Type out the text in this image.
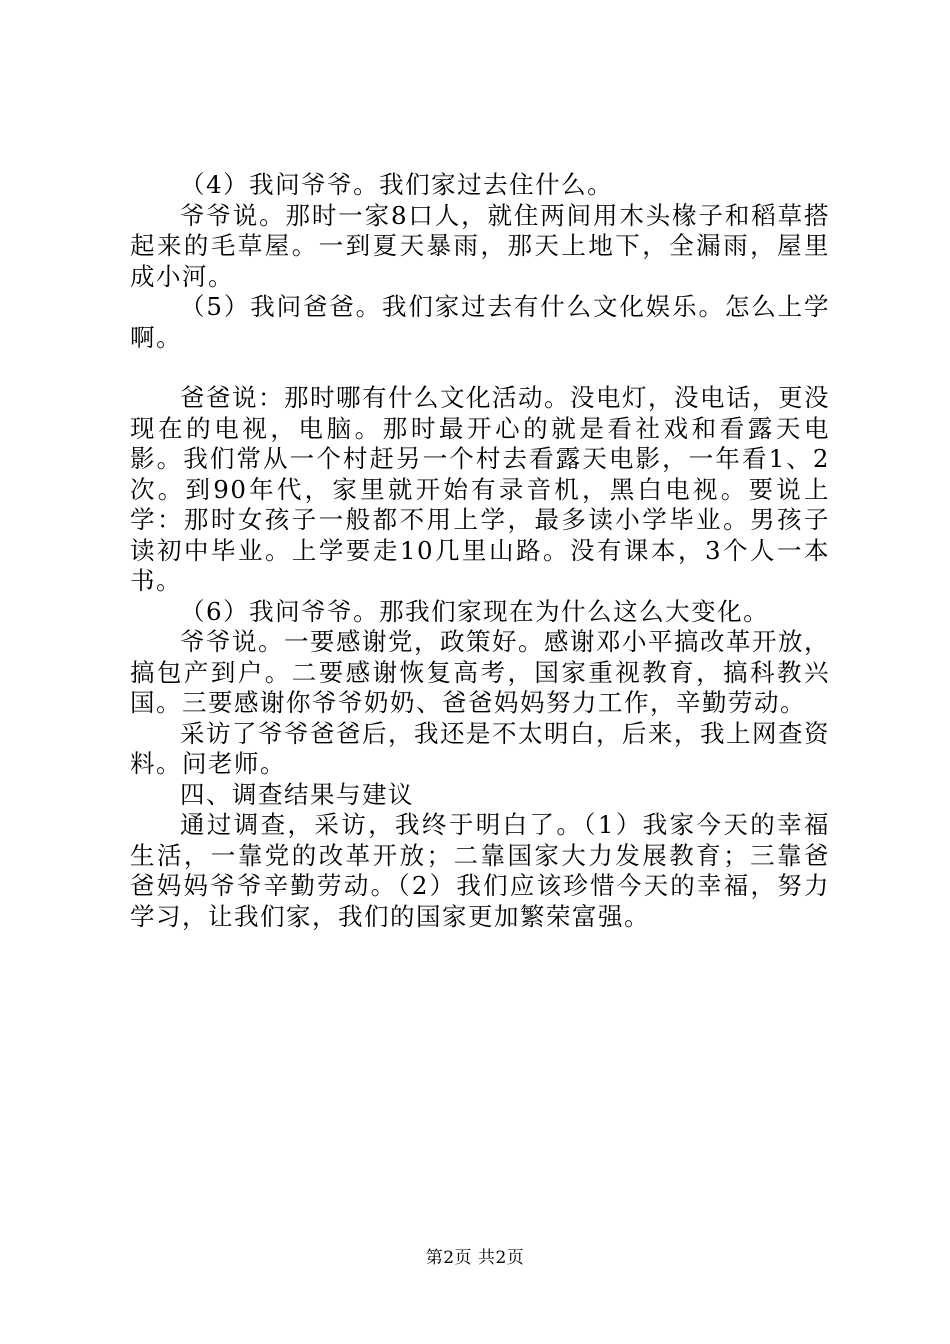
（4）我问爷爷。我们家过去住什么。

爷爷说。那时一家8口人，就住两间用木头椽子和稻草搭起来的毛草屋。一到夏天暴雨，那天上地下，全漏雨，屋里成小河。

（5）我问爸爸。我们家过去有什么文化娱乐。怎么上学啊。

爸爸说：那时哪有什么文化活动。没电灯，没电话，更没现在的电视，电脑。那时最开心的就是看社戏和看露天电影。我们常从一个村赶另一个村去看露天电影，一年看1、2次。到90年代，家里就开始有录音机，黑白电视。要说上学：那时女孩子一般都不用上学，最多读小学毕业。男孩子读初中毕业。上学要走10几里山路。没有课本，3个人一本书。

（6）我问爷爷。那我们家现在为什么这么大变化。

爷爷说。一要感谢党，政策好。感谢邓小平搞改革开放，搞包产到户。二要感谢恢复高考，国家重视教育，搞科教兴国。三要感谢你爷爷奶奶、爸爸妈妈努力工作，辛勤劳动。

采访了爷爷爸爸后，我还是不太明白，后来，我上网查资料。问老师。

四、调查结果与建议

通过调查，采访，我终于明白了。（1）我家今天的幸福生活，一靠党的改革开放；二靠国家大力发展教育；三靠爸爸妈妈爷爷辛勤劳动。（2）我们应该珍惜今天的幸福，努力学习，让我们家，我们的国家更加繁荣富强。

第2页 共2页
